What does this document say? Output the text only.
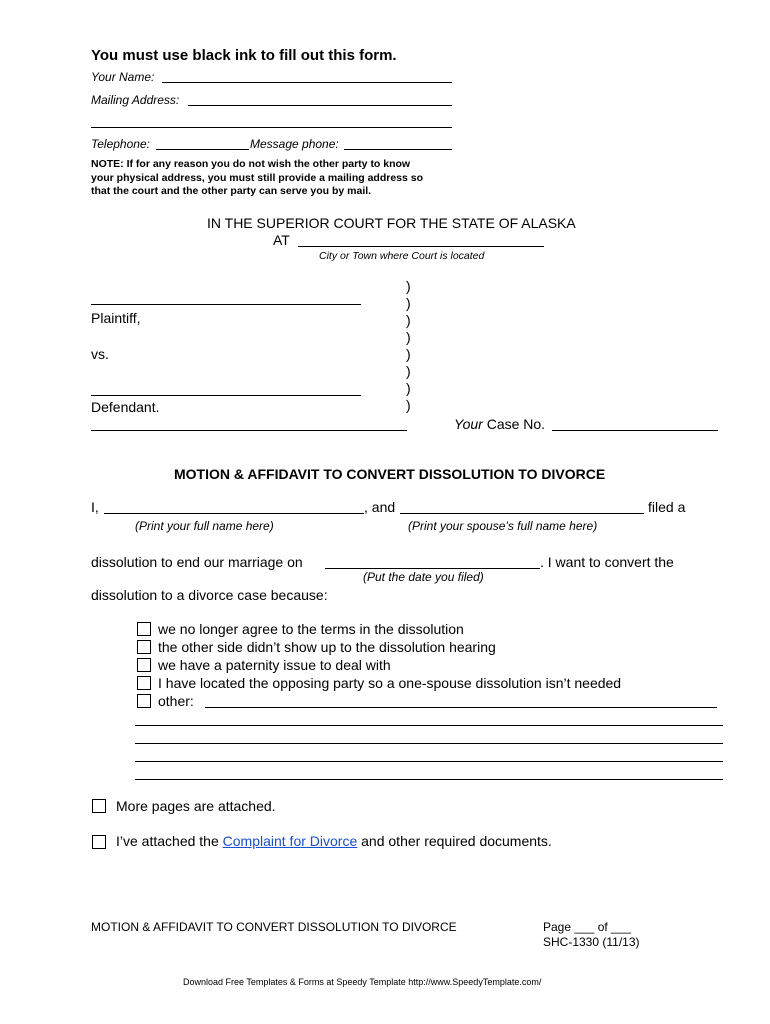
You must use black ink to fill out this form.
Your Name:
Mailing Address:
Telephone:	Message phone:
NOTE: If for any reason you do not wish the other party to know
your physical address, you must still provide a mailing address so
that the court and the other party can serve you by mail.
IN THE SUPERIOR COURT FOR THE STATE OF ALASKA
AT
City or Town where Court is located
Plaintiff,
vs.
Defendant.
)
)
)
)
)
)
)
)
Your Case No.
MOTION & AFFIDAVIT TO CONVERT DISSOLUTION TO DIVORCE
I,	, and	filed a
(Print your full name here)	(Print your spouse’s full name here)
dissolution to end our marriage on	. I want to convert the
(Put the date you filed)
dissolution to a divorce case because:
we no longer agree to the terms in the dissolution
the other side didn’t show up to the dissolution hearing
we have a paternity issue to deal with
I have located the opposing party so a one-spouse dissolution isn’t needed
other:
More pages are attached.
I’ve attached the Complaint for Divorce and other required documents.
MOTION & AFFIDAVIT TO CONVERT DISSOLUTION TO DIVORCE	Page ___ of ___
SHC-1330 (11/13)
Download Free Templates & Forms at Speedy Template http://www.SpeedyTemplate.com/
